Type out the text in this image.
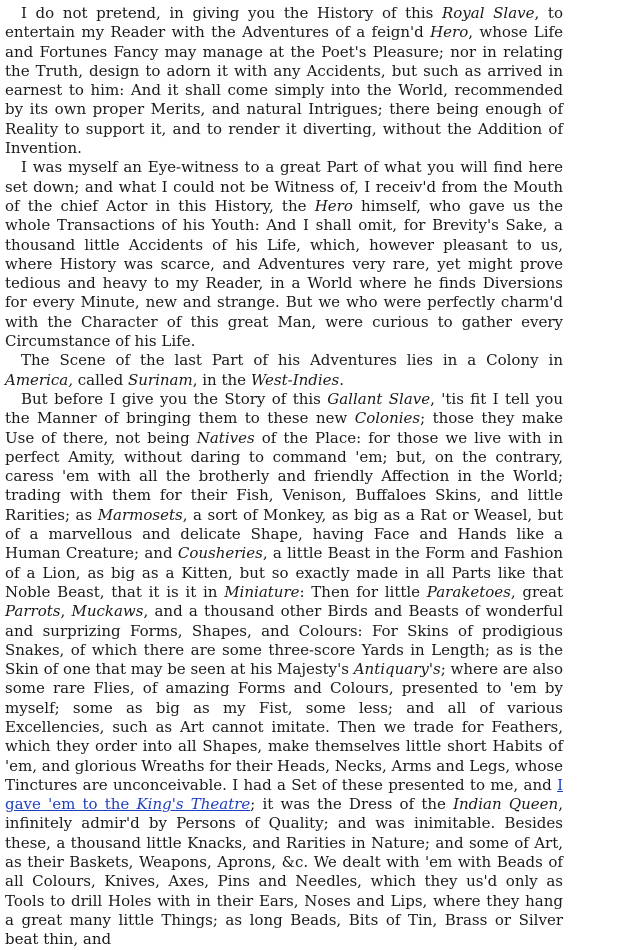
I do not pretend, in giving you the History of this Royal Slave, to entertain my Reader with the Adventures of a feign'd Hero, whose Life and Fortunes Fancy may manage at the Poet's Pleasure; nor in relating the Truth, design to adorn it with any Accidents, but such as arrived in earnest to him: And it shall come simply into the World, recommended by its own proper Merits, and natural Intrigues; there being enough of Reality to support it, and to render it diverting, without the Addition of Invention.

I was myself an Eye-witness to a great Part of what you will find here set down; and what I could not be Witness of, I receiv'd from the Mouth of the chief Actor in this History, the Hero himself, who gave us the whole Transactions of his Youth: And I shall omit, for Brevity's Sake, a thousand little Accidents of his Life, which, however pleasant to us, where History was scarce, and Adventures very rare, yet might prove tedious and heavy to my Reader, in a World where he finds Diversions for every Minute, new and strange. But we who were perfectly charm'd with the Character of this great Man, were curious to gather every Circumstance of his Life.

The Scene of the last Part of his Adventures lies in a Colony in America, called Surinam, in the West-Indies.

But before I give you the Story of this Gallant Slave, 'tis fit I tell you the Manner of bringing them to these new Colonies; those they make Use of there, not being Natives of the Place: for those we live with in perfect Amity, without daring to command 'em; but, on the contrary, caress 'em with all the brotherly and friendly Affection in the World; trading with them for their Fish, Venison, Buffaloes Skins, and little Rarities; as Marmosets, a sort of Monkey, as big as a Rat or Weasel, but of a marvellous and delicate Shape, having Face and Hands like a Human Creature; and Cousheries, a little Beast in the Form and Fashion of a Lion, as big as a Kitten, but so exactly made in all Parts like that Noble Beast, that it is it in Miniature: Then for little Paraketoes, great Parrots, Muckaws, and a thousand other Birds and Beasts of wonderful and surprizing Forms, Shapes, and Colours: For Skins of prodigious Snakes, of which there are some three-score Yards in Length; as is the Skin of one that may be seen at his Majesty's Antiquary's; where are also some rare Flies, of amazing Forms and Colours, presented to 'em by myself; some as big as my Fist, some less; and all of various Excellencies, such as Art cannot imitate. Then we trade for Feathers, which they order into all Shapes, make themselves little short Habits of 'em, and glorious Wreaths for their Heads, Necks, Arms and Legs, whose Tinctures are unconceivable. I had a Set of these presented to me, and I gave 'em to the King's Theatre; it was the Dress of the Indian Queen, infinitely admir'd by Persons of Quality; and was inimitable. Besides these, a thousand little Knacks, and Rarities in Nature; and some of Art, as their Baskets, Weapons, Aprons, &c. We dealt with 'em with Beads of all Colours, Knives, Axes, Pins and Needles, which they us'd only as Tools to drill Holes with in their Ears, Noses and Lips, where they hang a great many little Things; as long Beads, Bits of Tin, Brass or Silver beat thin, and
